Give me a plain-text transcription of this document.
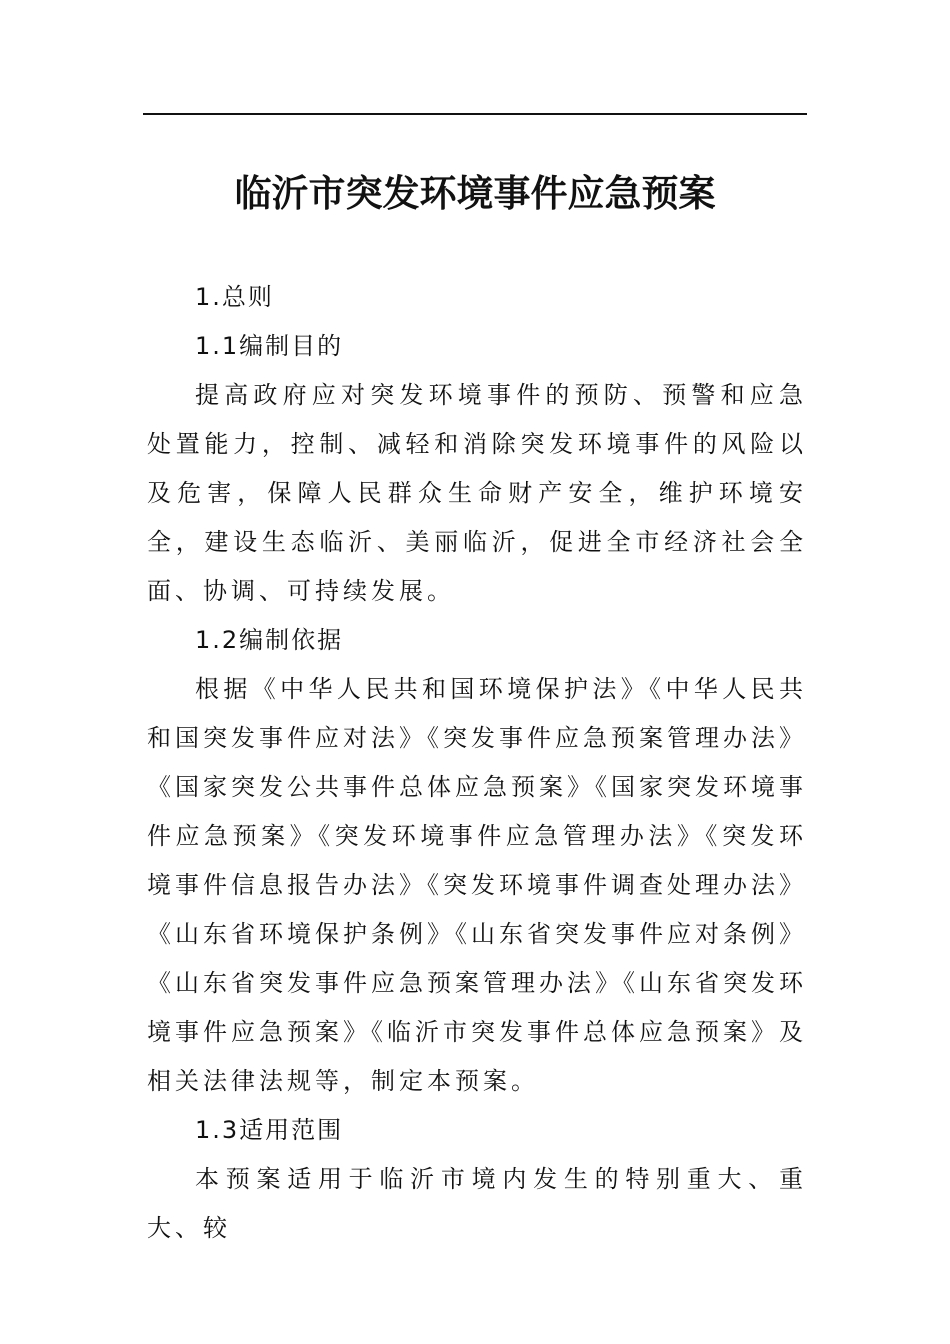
临沂市突发环境事件应急预案

1.总则

1.1编制目的

提高政府应对突发环境事件的预防、预警和应急处置能力，控制、减轻和消除突发环境事件的风险以及危害，保障人民群众生命财产安全，维护环境安全，建设生态临沂、美丽临沂，促进全市经济社会全面、协调、可持续发展。

1.2编制依据

根据《中华人民共和国环境保护法》《中华人民共和国突发事件应对法》《突发事件应急预案管理办法》《国家突发公共事件总体应急预案》《国家突发环境事件应急预案》《突发环境事件应急管理办法》《突发环境事件信息报告办法》《突发环境事件调查处理办法》《山东省环境保护条例》《山东省突发事件应对条例》《山东省突发事件应急预案管理办法》《山东省突发环境事件应急预案》《临沂市突发事件总体应急预案》及相关法律法规等，制定本预案。

1.3适用范围

本预案适用于临沂市境内发生的特别重大、重大、较
